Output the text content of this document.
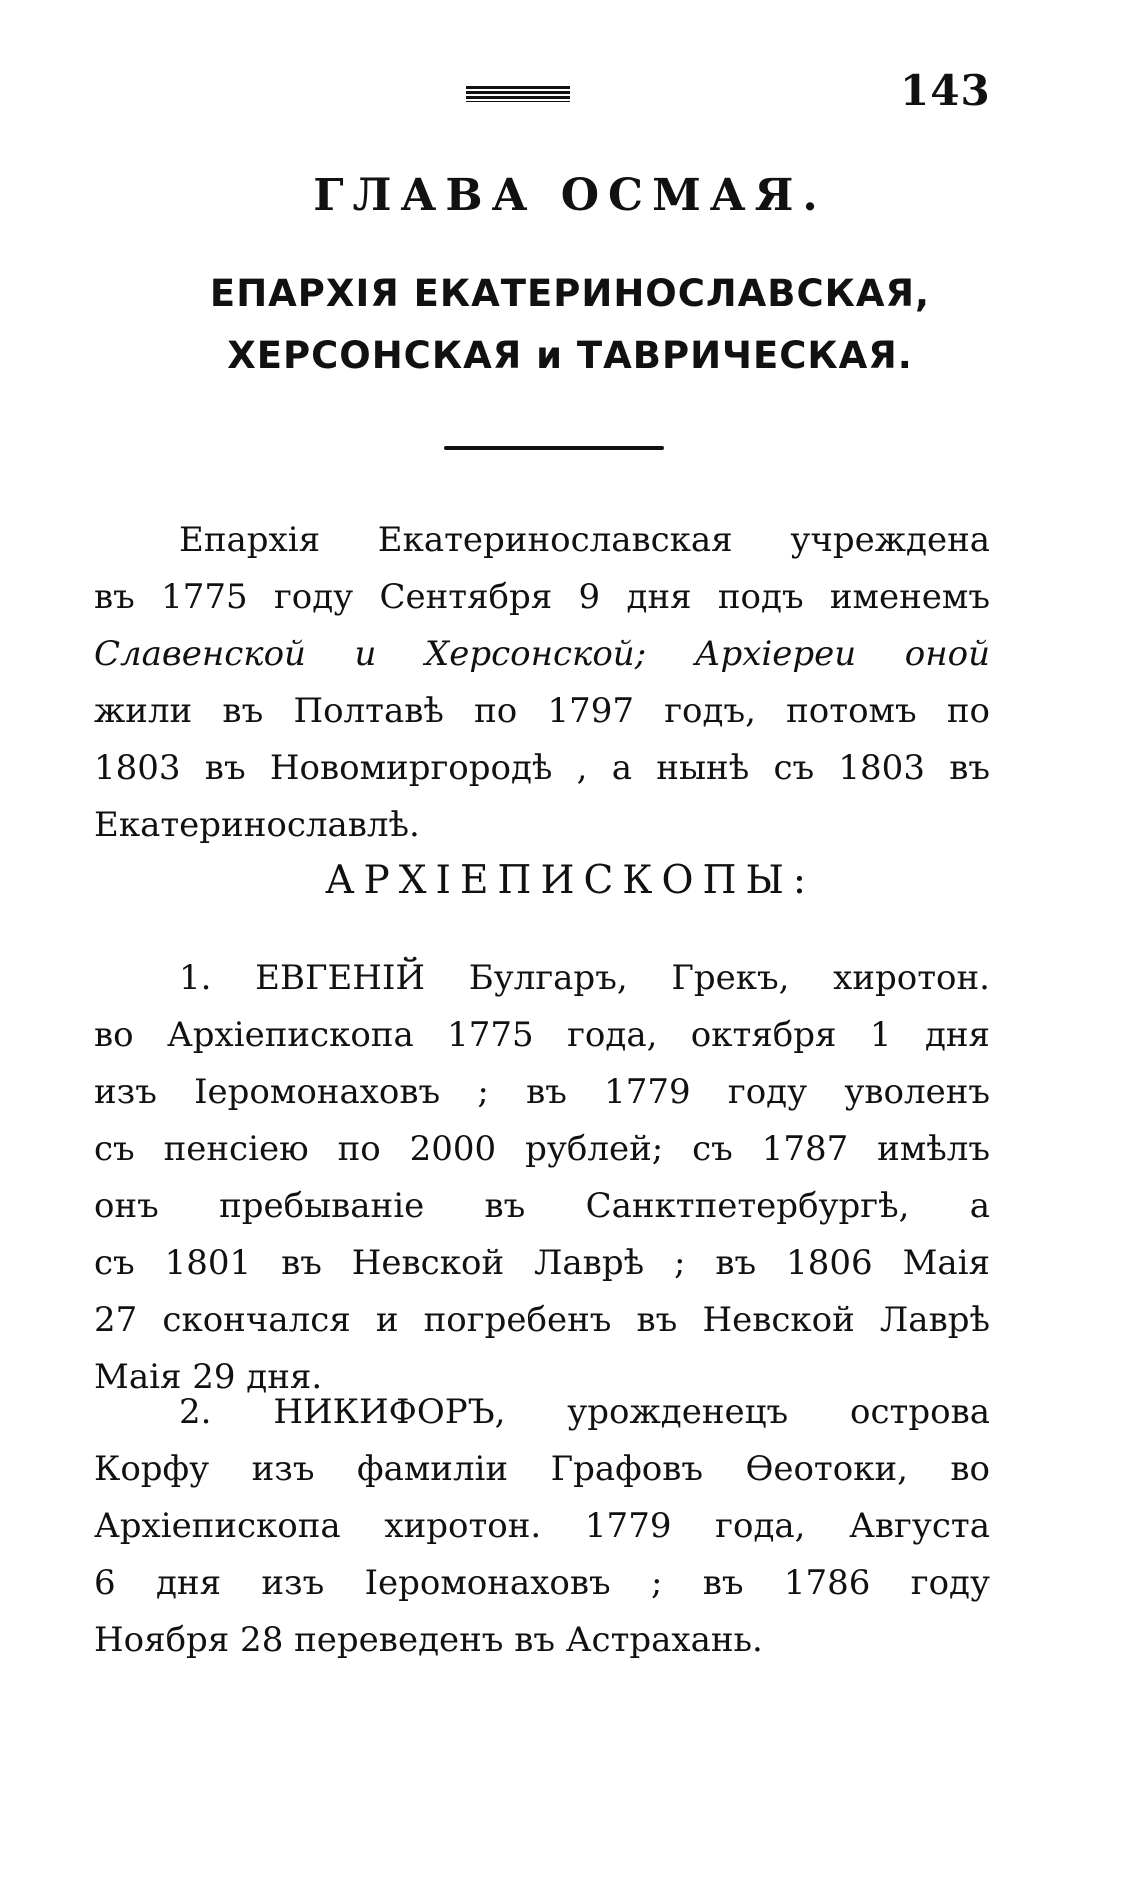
143
ГЛАВА ОСМАЯ.
ЕПАРХІЯ ЕКАТЕРИНОСЛАВСКАЯ,
ХЕРСОНСКАЯ и ТАВРИЧЕСКАЯ.
Епархія Екатеринославская учреждена
въ 1775 году Сентября 9 дня подъ именемъ
Славенской и Херсонской; Архіереи оной
жили въ Полтавѣ по 1797 годъ, потомъ по
1803 въ Новомиргородѣ , а нынѣ съ 1803 въ
Екатеринославлѣ.
АРХІЕПИСКОПЫ:
1. ЕВГЕНІЙ Булгаръ, Грекъ, хиротон.
во Архіепископа 1775 года, октября 1 дня
изъ Іеромонаховъ ; въ 1779 году уволенъ
съ пенсіею по 2000 рублей; съ 1787 имѣлъ
онъ пребываніе въ Санктпетербургѣ, а
съ 1801 въ Невской Лаврѣ ; въ 1806 Маія
27 скончался и погребенъ въ Невской Лаврѣ
Маія 29 дня.
2. НИКИФОРЪ, урожденецъ острова
Корфу изъ фамиліи Графовъ Өеотоки, во
Архіепископа хиротон. 1779 года, Августа
6 дня изъ Іеромонаховъ ; въ 1786 году
Ноября 28 переведенъ въ Астрахань.
